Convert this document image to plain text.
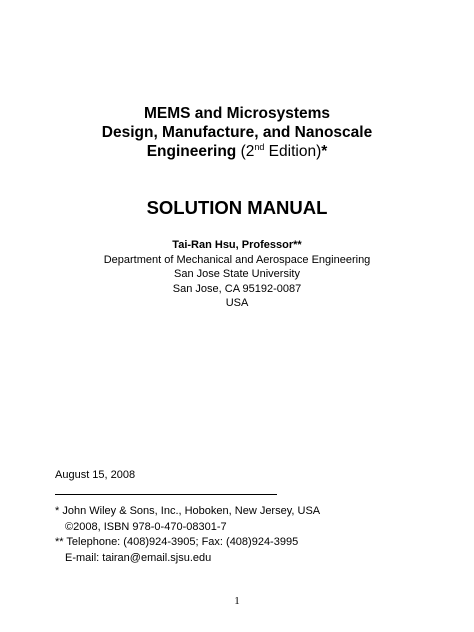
MEMS and Microsystems
Design, Manufacture, and Nanoscale
Engineering (2nd Edition)*
SOLUTION MANUAL
Tai-Ran Hsu, Professor**
Department of Mechanical and Aerospace Engineering
San Jose State University
San Jose, CA 95192-0087
USA
August 15, 2008
* John Wiley & Sons, Inc., Hoboken, New Jersey, USA
©2008, ISBN 978-0-470-08301-7
** Telephone: (408)924-3905; Fax: (408)924-3995
E-mail: tairan@email.sjsu.edu
1
